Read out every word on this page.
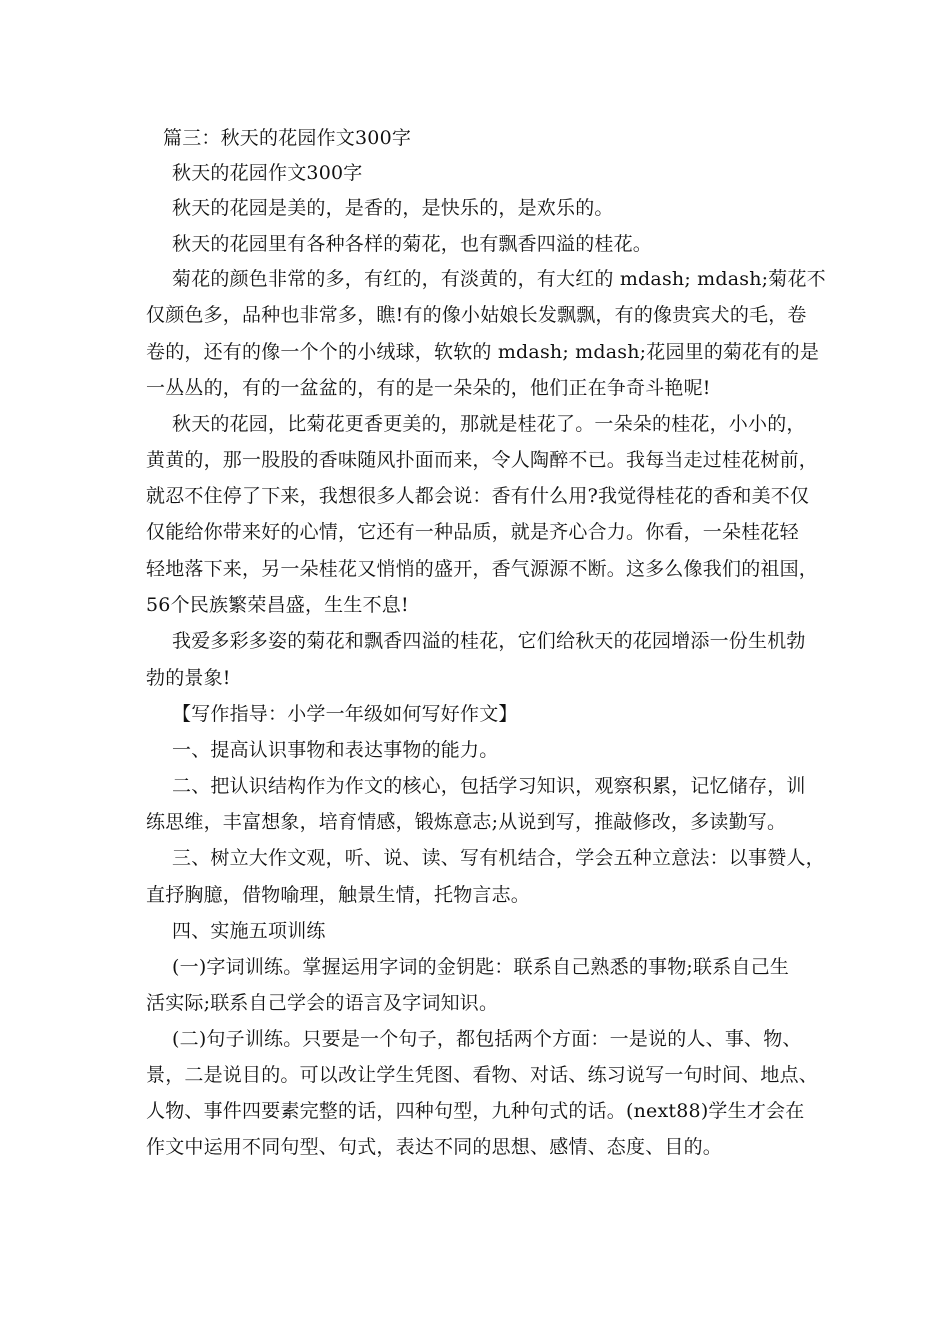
篇三：秋天的花园作文300字
秋天的花园作文300字
秋天的花园是美的，是香的，是快乐的，是欢乐的。
秋天的花园里有各种各样的菊花，也有飘香四溢的桂花。
菊花的颜色非常的多，有红的，有淡黄的，有大红的 mdash; mdash;菊花不
仅颜色多，品种也非常多，瞧!有的像小姑娘长发飘飘，有的像贵宾犬的毛，卷
卷的，还有的像一个个的小绒球，软软的 mdash; mdash;花园里的菊花有的是
一丛丛的，有的一盆盆的，有的是一朵朵的，他们正在争奇斗艳呢!
秋天的花园，比菊花更香更美的，那就是桂花了。一朵朵的桂花，小小的，
黄黄的，那一股股的香味随风扑面而来，令人陶醉不已。我每当走过桂花树前，
就忍不住停了下来，我想很多人都会说：香有什么用?我觉得桂花的香和美不仅
仅能给你带来好的心情，它还有一种品质，就是齐心合力。你看，一朵桂花轻
轻地落下来，另一朵桂花又悄悄的盛开，香气源源不断。这多么像我们的祖国，
56个民族繁荣昌盛，生生不息!
我爱多彩多姿的菊花和飘香四溢的桂花，它们给秋天的花园增添一份生机勃
勃的景象!
【写作指导：小学一年级如何写好作文】
一、提高认识事物和表达事物的能力。
二、把认识结构作为作文的核心，包括学习知识，观察积累，记忆储存，训
练思维，丰富想象，培育情感，锻炼意志;从说到写，推敲修改，多读勤写。
三、树立大作文观，听、说、读、写有机结合，学会五种立意法：以事赞人，
直抒胸臆，借物喻理，触景生情，托物言志。
四、实施五项训练
(一)字词训练。掌握运用字词的金钥匙：联系自己熟悉的事物;联系自己生
活实际;联系自己学会的语言及字词知识。
(二)句子训练。只要是一个句子，都包括两个方面：一是说的人、事、物、
景，二是说目的。可以改让学生凭图、看物、对话、练习说写一句时间、地点、
人物、事件四要素完整的话，四种句型，九种句式的话。(next88)学生才会在
作文中运用不同句型、句式，表达不同的思想、感情、态度、目的。
